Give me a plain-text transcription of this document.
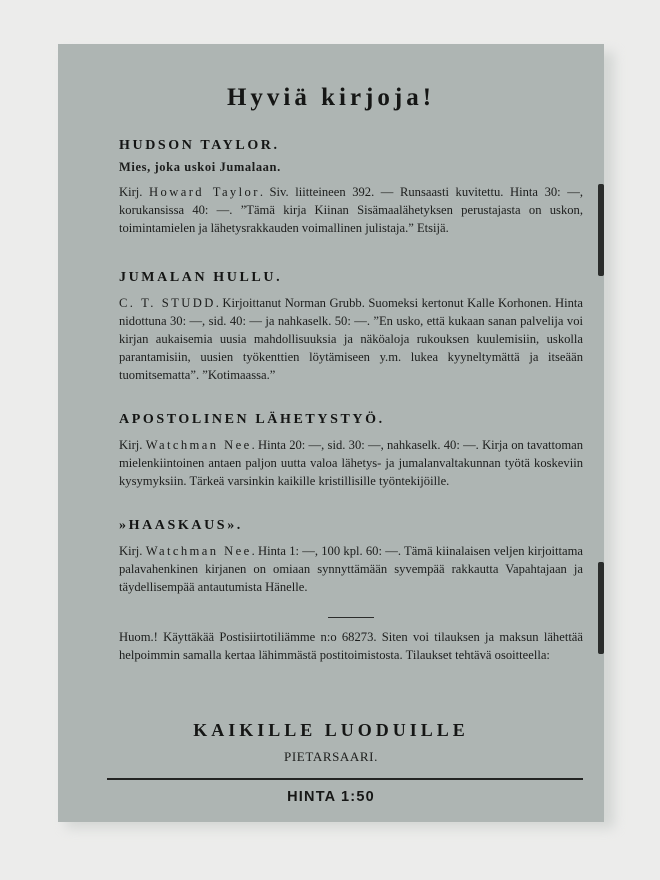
Hyviä kirjoja!

HUDSON TAYLOR.

Mies, joka uskoi Jumalaan.

Kirj. Howard Taylor. Siv. liitteineen 392. — Runsaasti kuvitettu. Hinta 30: —, korukansissa 40: —. ”Tämä kirja Kiinan Sisämaalähetyksen perustajasta on uskon, toimintamielen ja lähetysrakkauden voimallinen julistaja.” Etsijä.

JUMALAN HULLU.

C. T. STUDD. Kirjoittanut Norman Grubb. Suomeksi kertonut Kalle Korhonen. Hinta nidottuna 30: —, sid. 40: — ja nahkaselk. 50: —. ”En usko, että kukaan sanan palvelija voi kirjan aukaisemia uusia mahdollisuuksia ja näköaloja rukouksen kuulemisiin, uskolla parantamisiin, uusien työkenttien löytämiseen y.m. lukea kyyneltymättä ja itseään tuomitsematta”. ”Kotimaassa.”

APOSTOLINEN LÄHETYSTYÖ.

Kirj. Watchman Nee. Hinta 20: —, sid. 30: —, nahkaselk. 40: —. Kirja on tavattoman mielenkiintoinen antaen paljon uutta valoa lähetys- ja jumalanvaltakunnan työtä koskeviin kysymyksiin. Tärkeä varsinkin kaikille kristillisille työntekijöille.

»HAASKAUS».

Kirj. Watchman Nee. Hinta 1: —, 100 kpl. 60: —. Tämä kiinalaisen veljen kirjoittama palavahenkinen kirjanen on omiaan synnyttämään syvempää rakkautta Vapahtajaan ja täydellisempää antautumista Hänelle.

Huom.! Käyttäkää Postisiirtotiliämme n:o 68273. Siten voi tilauksen ja maksun lähettää helpoimmin samalla kertaa lähimmästä postitoimistosta. Tilaukset tehtävä osoitteella:

KAIKILLE LUODUILLE
PIETARSAARI.
HINTA 1:50
